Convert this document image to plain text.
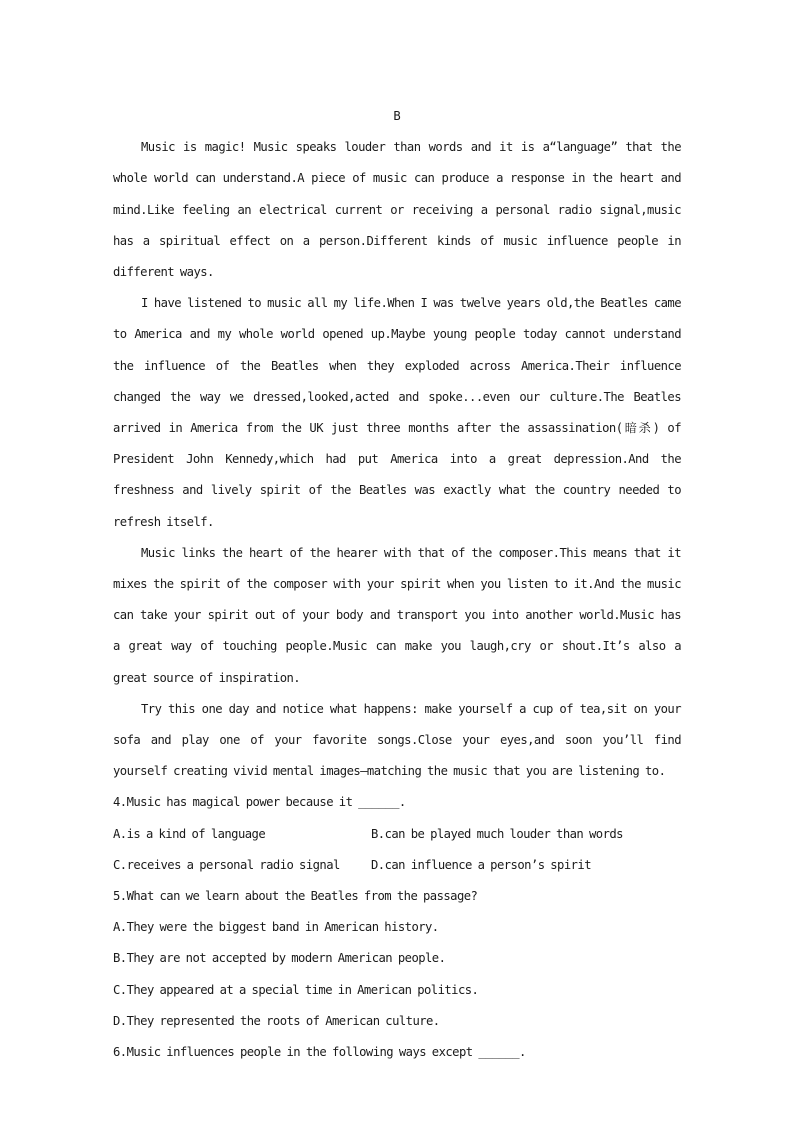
B

Music is magic! Music speaks louder than words and it is a“language” that the whole world can understand.A piece of music can produce a response in the heart and mind.Like feeling an electrical current or receiving a personal radio signal,music has a spiritual effect on a person.Different kinds of music influence people in different ways.

I have listened to music all my life.When I was twelve years old,the Beatles came to America and my whole world opened up.Maybe young people today cannot understand the influence of the Beatles when they exploded across America.Their influence changed the way we dressed,looked,acted and spoke...even our culture.The Beatles arrived in America from the UK just three months after the assassination(暗杀) of President John Kennedy,which had put America into a great depression.And the freshness and lively spirit of the Beatles was exactly what the country needed to refresh itself.

Music links the heart of the hearer with that of the composer.This means that it mixes the spirit of the composer with your spirit when you listen to it.And the music can take your spirit out of your body and transport you into another world.Music has a great way of touching people.Music can make you laugh,cry or shout.It’s also a great source of inspiration.

Try this one day and notice what happens: make yourself a cup of tea,sit on your sofa and play one of your favorite songs.Close your eyes,and soon you’ll find yourself creating vivid mental images—matching the music that you are listening to.

4.Music has magical power because it ______.

A.is a kind of language	B.can be played much louder than words
C.receives a personal radio signal	D.can influence a person’s spirit

5.What can we learn about the Beatles from the passage?

A.They were the biggest band in American history.

B.They are not accepted by modern American people.

C.They appeared at a special time in American politics.

D.They represented the roots of American culture.

6.Music influences people in the following ways except ______.
